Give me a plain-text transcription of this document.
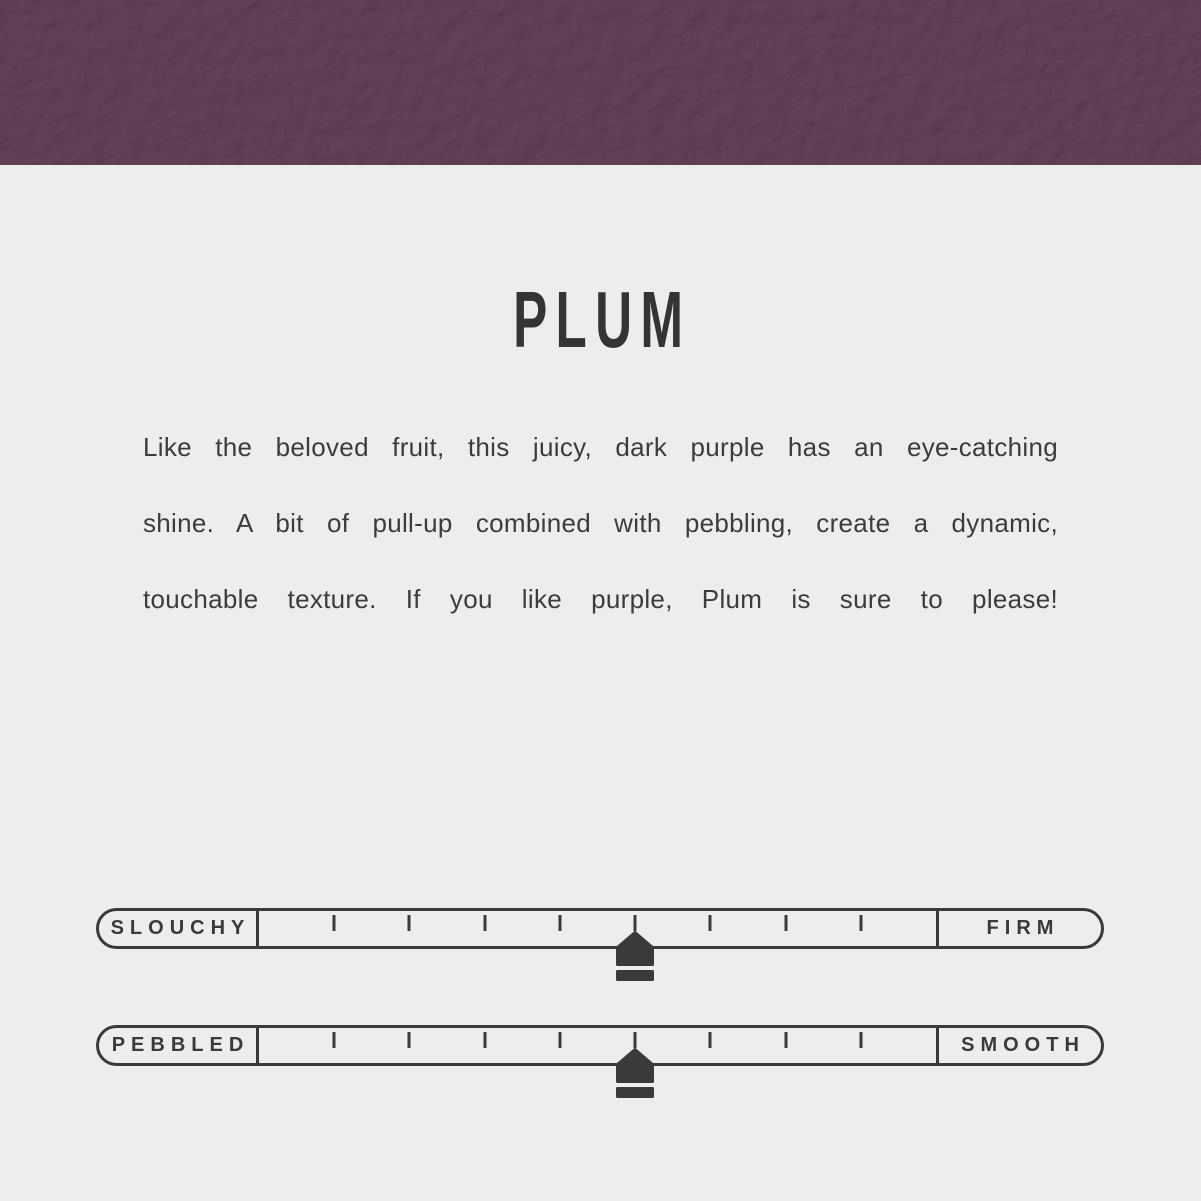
PLUM
Like the beloved fruit, this juicy, dark purple has an eye-catching
shine. A bit of pull-up combined with pebbling, create a dynamic,
touchable texture. If you like purple, Plum is sure to please!
SLOUCHY	FIRM
PEBBLED	SMOOTH
